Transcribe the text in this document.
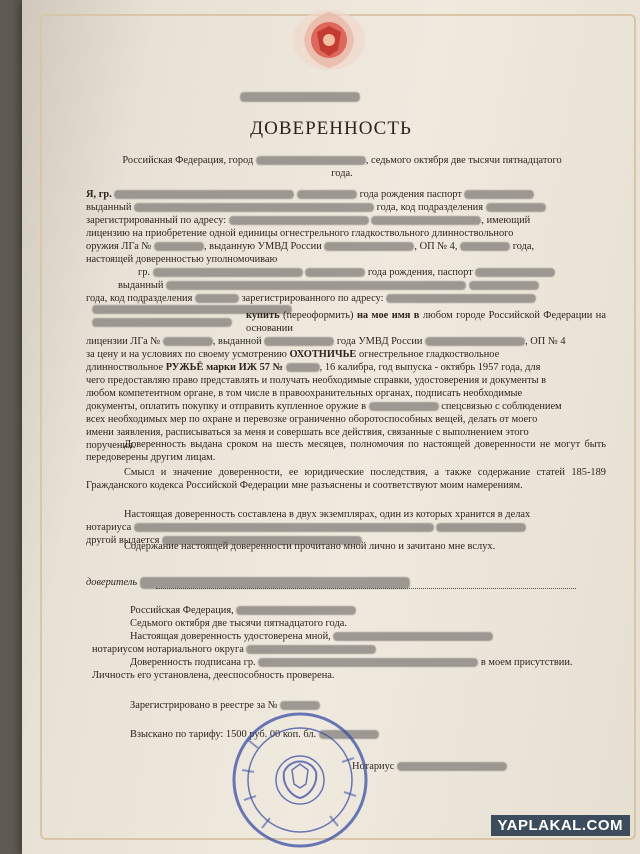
ДОВЕРЕННОСТЬ
Российская Федерация, город	, седьмого октября две тысячи пятнадцатого
года.
Я, гр.	года рождения паспорт
выданный	года, код подразделения
зарегистрированный по адресу:	, имеющий
лицензию на приобретение одной единицы огнестрельного гладкоствольного длинноствольного
оружия ЛГа №	, выданную УМВД России	, ОП № 4,	года,
настоящей доверенностью уполномочиваю
гр.	года рождения, паспорт
выданный
года, код подразделения	зарегистрированного по адресу:
купить (переоформить) на мое имя в любом городе Российской Федерации на основании
лицензии ЛГа №	, выданной	года УМВД России	, ОП № 4
за цену и на условиях по своему усмотрению ОХОТНИЧЬЕ огнестрельное гладкоствольное
длинноствольное РУЖЬЁ марки ИЖ 57 №	, 16 калибра, год выпуска - октябрь 1957 года, для
чего предоставляю право представлять и получать необходимые справки, удостоверения и документы в
любом компетентном органе, в том числе в правоохранительных органах, подписать необходимые
документы, оплатить покупку и отправить купленное оружие в	спецсвязью с соблюдением
всех необходимых мер по охране и перевозке ограниченно оборотоспособных вещей, делать от моего
имени заявления, расписываться за меня и совершать все действия, связанные с выполнением этого
поручения.
Доверенность выдана сроком на шесть месяцев, полномочия по настоящей доверенности не могут быть передоверены другим лицам.
Смысл и значение доверенности, ее юридические последствия, а также содержание статей 185-189 Гражданского кодекса Российской Федерации мне разъяснены и соответствуют моим намерениям.
Настоящая доверенность составлена в двух экземплярах, один из которых хранится в делах
нотариуса
другой выдается
Содержание настоящей доверенности прочитано мной лично и зачитано мне вслух.
доверитель
Российская Федерация,
Седьмого октября две тысячи пятнадцатого года.
Настоящая доверенность удостоверена мной,
нотариусом нотариального округа
Доверенность подписана гр.	в моем присутствии.
Личность его установлена, дееспособность проверена.
Зарегистрировано в реестре за №
Взыскано по тарифу: 1500 руб. 00 коп. бл.
Нотариус
YAPLAKAL.COM
